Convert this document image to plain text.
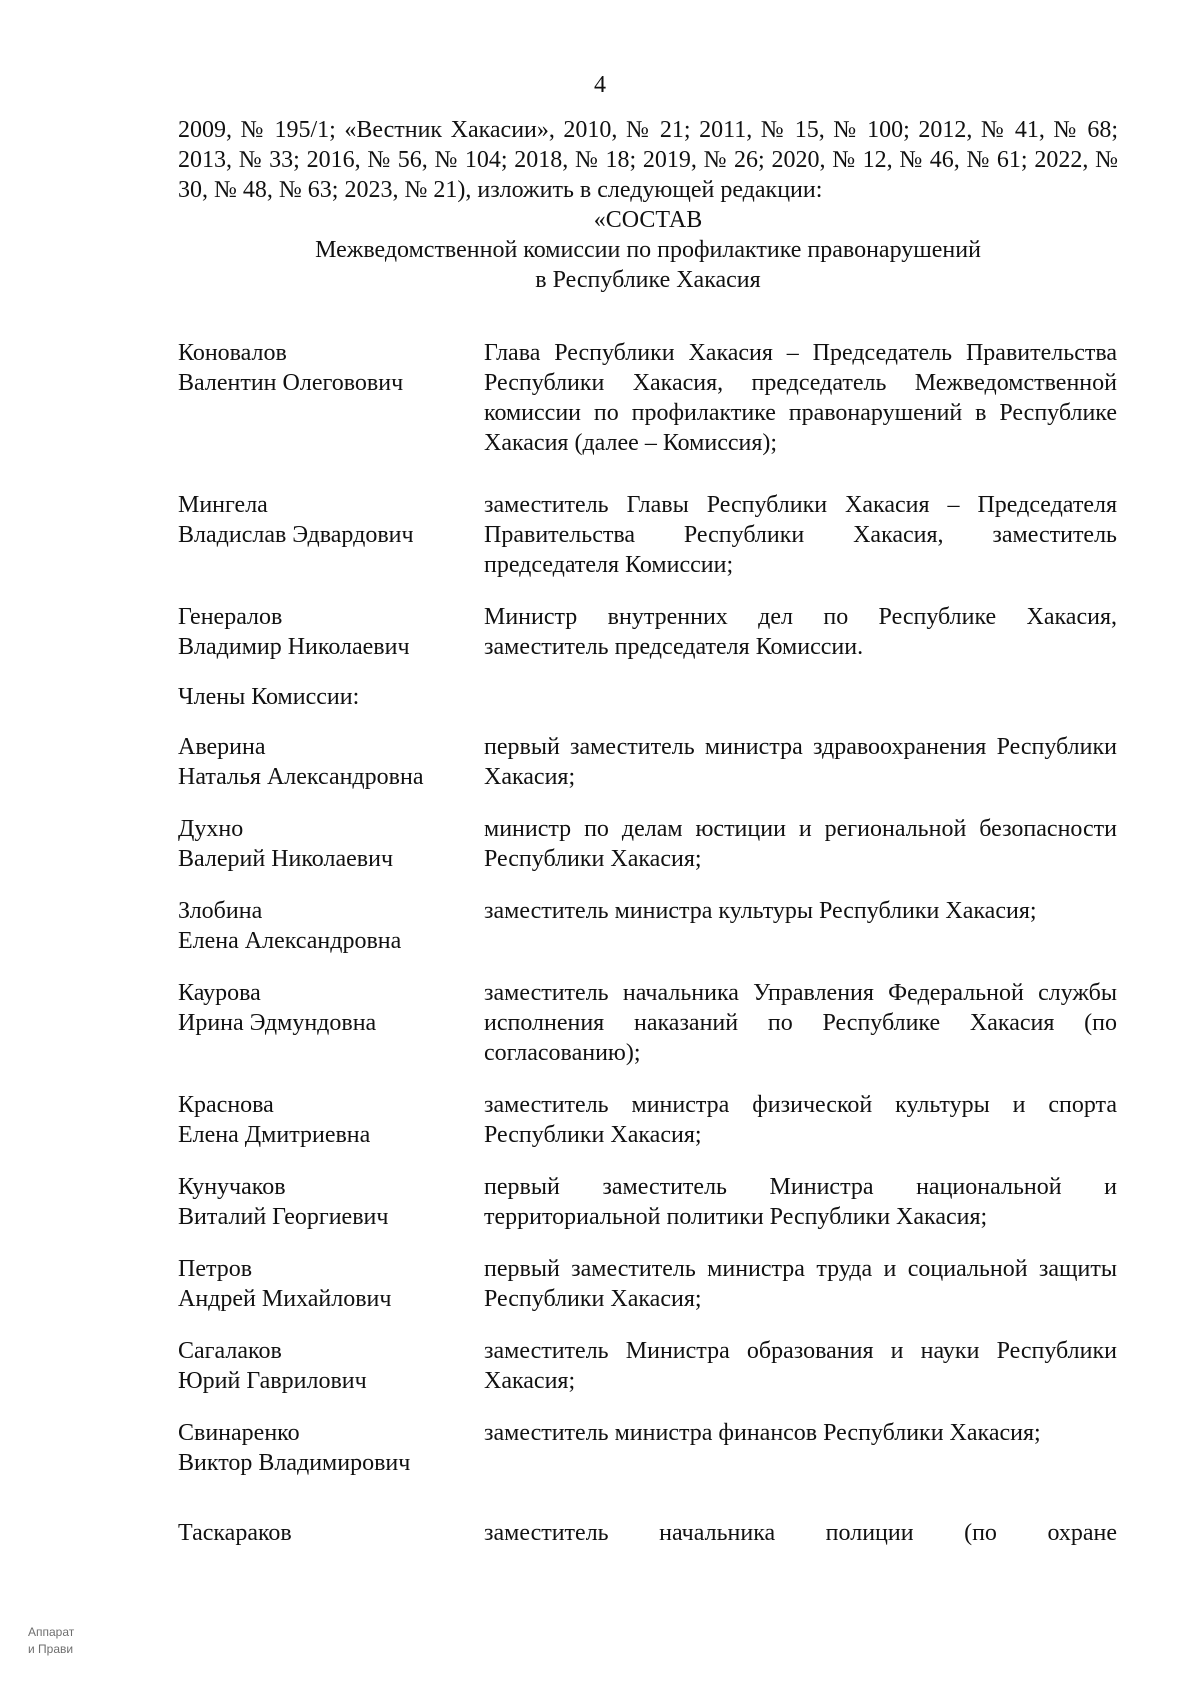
4
2009, № 195/1; «Вестник Хакасии», 2010, № 21; 2011, № 15, № 100; 2012, № 41, № 68; 2013, № 33; 2016, № 56, № 104; 2018, № 18; 2019, № 26; 2020, № 12, № 46, № 61; 2022, № 30, № 48, № 63; 2023, № 21), изложить в следующей редакции:
«СОСТАВ
Межведомственной комиссии по профилактике правонарушений
в Республике Хакасия
Коновалов
Валентин Олеговович
Глава Республики Хакасия – Председатель Правительства Республики Хакасия, председатель Межведомственной комиссии по профилактике правонарушений в Республике Хакасия (далее – Комиссия);
Мингела
Владислав Эдвардович
заместитель Главы Республики Хакасия – Председателя Правительства Республики Хакасия, заместитель председателя Комиссии;
Генералов
Владимир Николаевич
Министр внутренних дел по Республике Хакасия, заместитель председателя Комиссии.
Члены Комиссии:
Аверина
Наталья Александровна
первый заместитель министра здравоохранения Республики Хакасия;
Духно
Валерий Николаевич
министр по делам юстиции и региональной безопасности Республики Хакасия;
Злобина
Елена Александровна
заместитель министра культуры Республики Хакасия;
Каурова
Ирина Эдмундовна
заместитель начальника Управления Федеральной службы исполнения наказаний по Республике Хакасия (по согласованию);
Краснова
Елена Дмитриевна
заместитель министра физической культуры и спорта Республики Хакасия;
Кунучаков
Виталий Георгиевич
первый заместитель Министра национальной и территориальной политики Республики Хакасия;
Петров
Андрей Михайлович
первый заместитель министра труда и социальной защиты Республики Хакасия;
Сагалаков
Юрий Гаврилович
заместитель Министра образования и науки Республики Хакасия;
Свинаренко
Виктор Владимирович
заместитель министра финансов Республики Хакасия;
Таскараков	заместитель начальника полиции (по охране
Аппарат
и Прави
